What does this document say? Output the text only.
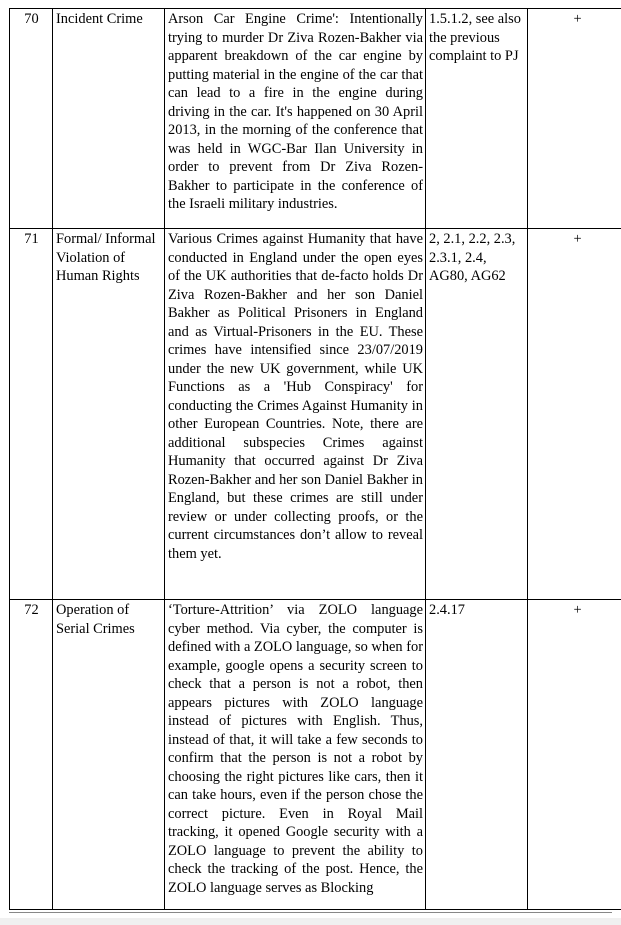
70	Incident Crime	Arson Car Engine Crime': Intentionally trying to murder Dr Ziva Rozen-Bakher via apparent breakdown of the car engine by putting material in the engine of the car that can lead to a fire in the engine during driving in the car. It's happened on 30 April 2013, in the morning of the conference that was held in WGC-Bar Ilan University in order to prevent from Dr Ziva Rozen-Bakher to participate in the conference of the Israeli military industries.	1.5.1.2, see also the previous complaint to PJ	+
71	Formal/ Informal Violation of Human Rights	Various Crimes against Humanity that have conducted in England under the open eyes of the UK authorities that de-facto holds Dr Ziva Rozen-Bakher and her son Daniel Bakher as Political Prisoners in England and as Virtual-Prisoners in the EU. These crimes have intensified since 23/07/2019 under the new UK government, while UK Functions as a 'Hub Conspiracy' for conducting the Crimes Against Humanity in other European Countries. Note, there are additional subspecies Crimes against Humanity that occurred against Dr Ziva Rozen-Bakher and her son Daniel Bakher in England, but these crimes are still under review or under collecting proofs, or the current circumstances don’t allow to reveal them yet.	2, 2.1, 2.2, 2.3, 2.3.1, 2.4, AG80, AG62	+
72	Operation of Serial Crimes	‘Torture-Attrition’ via ZOLO language cyber method. Via cyber, the computer is defined with a ZOLO language, so when for example, google opens a security screen to check that a person is not a robot, then appears pictures with ZOLO language instead of pictures with English. Thus, instead of that, it will take a few seconds to confirm that the person is not a robot by choosing the right pictures like cars, then it can take hours, even if the person chose the correct picture. Even in Royal Mail tracking, it opened Google security with a ZOLO language to prevent the ability to check the tracking of the post. Hence, the ZOLO language serves as Blocking	2.4.17	+
